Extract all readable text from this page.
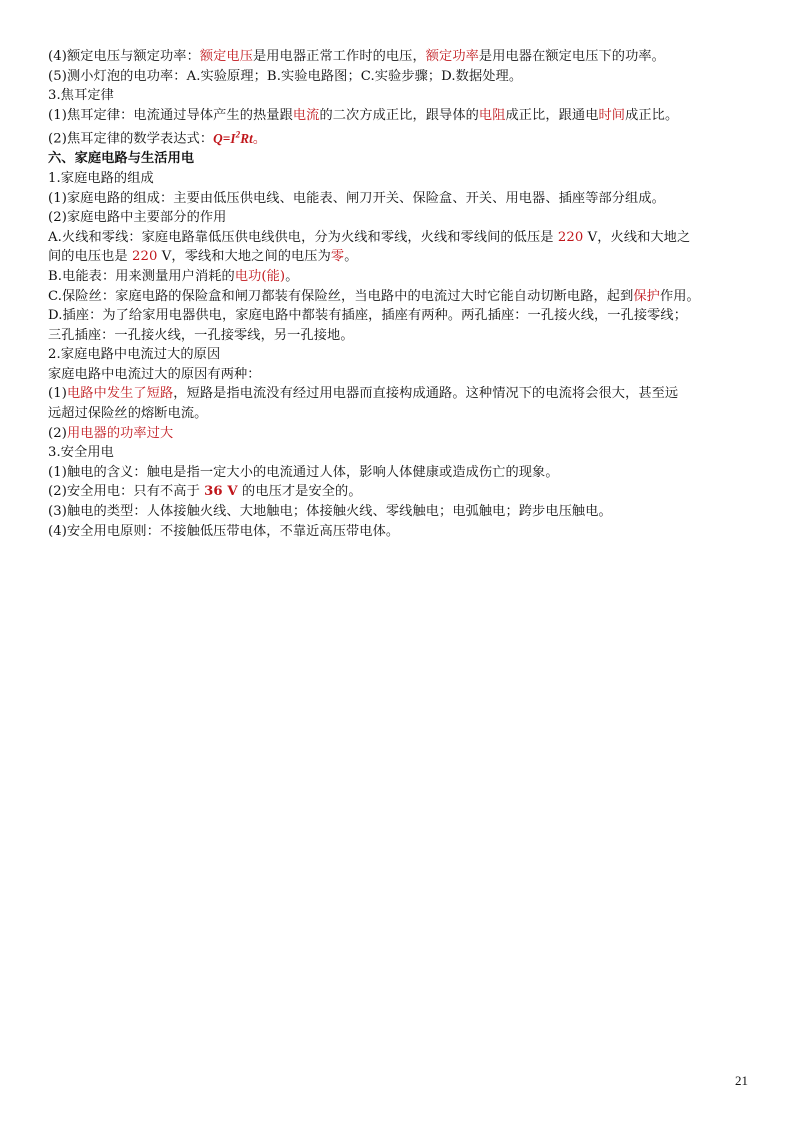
(4)额定电压与额定功率：额定电压是用电器正常工作时的电压，额定功率是用电器在额定电压下的功率。
(5)测小灯泡的电功率：A.实验原理；B.实验电路图；C.实验步骤；D.数据处理。
3.焦耳定律
(1)焦耳定律：电流通过导体产生的热量跟电流的二次方成正比，跟导体的电阻成正比，跟通电时间成正比。
(2)焦耳定律的数学表达式：$Q=I^2Rt$。
六、家庭电路与生活用电
1.家庭电路的组成
(1)家庭电路的组成：主要由低压供电线、电能表、闸刀开关、保险盒、开关、用电器、插座等部分组成。
(2)家庭电路中主要部分的作用
A.火线和零线：家庭电路靠低压供电线供电，分为火线和零线，火线和零线间的低压是 220 V，火线和大地之
间的电压也是 220 V，零线和大地之间的电压为零。
B.电能表：用来测量用户消耗的电功(能)。
C.保险丝：家庭电路的保险盒和闸刀都装有保险丝，当电路中的电流过大时它能自动切断电路，起到保护作用。
D.插座：为了给家用电器供电，家庭电路中都装有插座，插座有两种。两孔插座：一孔接火线，一孔接零线；
三孔插座：一孔接火线，一孔接零线，另一孔接地。
2.家庭电路中电流过大的原因
家庭电路中电流过大的原因有两种：
(1)电路中发生了短路，短路是指电流没有经过用电器而直接构成通路。这种情况下的电流将会很大，甚至远
远超过保险丝的熔断电流。
(2)用电器的功率过大
3.安全用电
(1)触电的含义：触电是指一定大小的电流通过人体，影响人体健康或造成伤亡的现象。
(2)安全用电：只有不高于 36 V 的电压才是安全的。
(3)触电的类型：人体接触火线、大地触电；体接触火线、零线触电；电弧触电；跨步电压触电。
(4)安全用电原则：不接触低压带电体，不靠近高压带电体。
21
